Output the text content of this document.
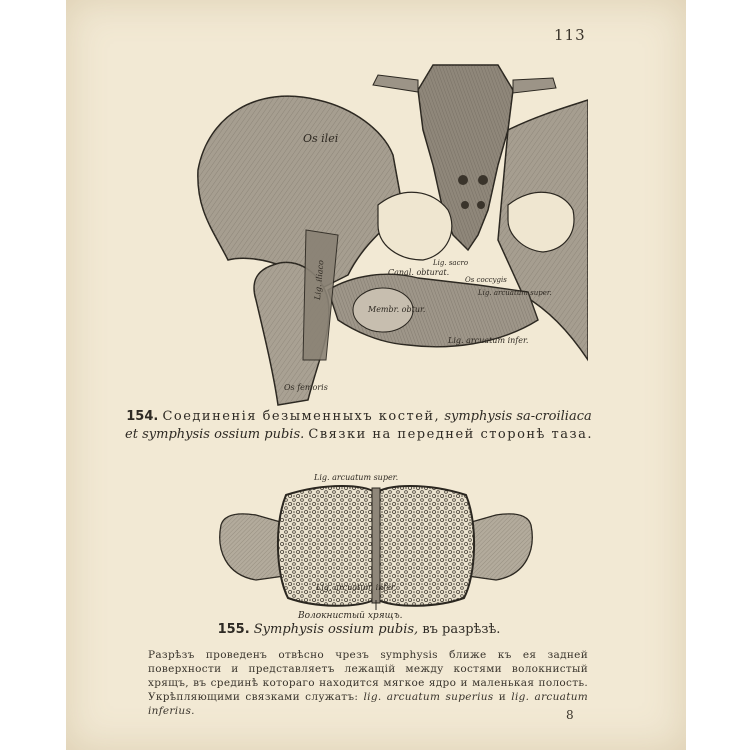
113
Os ilei
Lig. iliaco	Canal. obturat.
Lig. sacro
Membr. obtur.
Os coccygis
Lig. arcuatum super.
Lig. arcuatum infer.
Os femoris
154. Соединенія безыменныхъ костей, symphysis sa-croiliaca et symphysis ossium pubis. Связки на передней сторонѣ таза.
Lig. arcuatum super.
Lig. arcuatum infer.
Волокнистый хрящъ.
155. Symphysis ossium pubis, въ разрѣзѣ.
Разрѣзъ проведенъ отвѣсно чрезъ symphysis ближе къ ея задней поверхности и представляетъ лежащій между костями волокнистый хрящъ, въ срединѣ котораго находится мягкое ядро и маленькая полость. Укрѣпляющими связками служатъ: lig. arcuatum superius и lig. arcuatum inferius.	8
